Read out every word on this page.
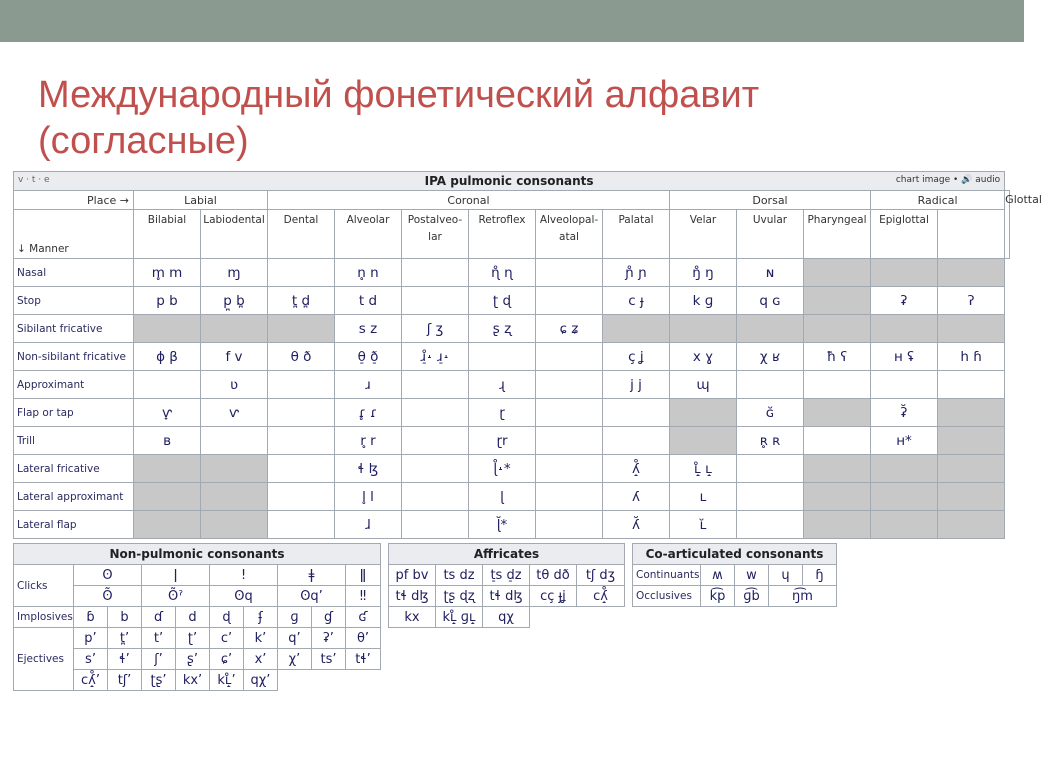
Международный фонетический алфавит
(согласные)
v · t · e IPA pulmonic consonants chart image • 🔊 audio														

Place →	Labial		Coronal						Dorsal			Radical		Glottal
↓ Manner	Bilabial	Labiodental	Dental	Alveolar	Postalveo-lar	Retroflex	Alveolopal-atal	Palatal	Velar	Uvular	Pharyngeal	Epiglottal		
Nasal	m̥ m	ɱ		n̥ n		ɳ̊ ɳ		ɲ̊ ɲ	ŋ̊ ŋ	ɴ				
Stop	p b	p̪ b̪	t̪ d̪	t d		ʈ ɖ		c ɟ	k ɡ	q ɢ		ʡ	ʔ	
Sibilant fricative				s z	ʃ ʒ	ʂ ʐ	ɕ ʑ							
Non-sibilant fricative	ɸ β	f v	θ ð	θ̠ ð̠	ɹ̠̊˔ ɹ̠˔			ç ʝ	x ɣ	χ ʁ	ħ ʕ	ʜ ʢ	h ɦ	
Approximant		ʋ		ɹ		ɻ		j j	ɰ					
Flap or tap	ⱱ̟	ⱱ		ɾ̥ ɾ		ɽ				ɢ̆		ʡ̆		
Trill	ʙ			r̥ r		ɽr				ʀ̥ ʀ		ʜ*		
Lateral fricative				ɬ ɮ		ɭ̊˔*		ʎ̝̊	ʟ̝̊ ʟ̝					
Lateral approximant				l̥ l		ɭ		ʎ	ʟ					
Lateral flap				ɺ		ɭ̆*		ʎ̆	ʟ̆					
Non-pulmonic consonants									
Clicks	ʘ		ǀ		ǃ		ǂ		ǁ
	ʘ̃		ʘ̃ˀ		ʘq		ʘq’		‼
Implosives	ɓ	b	ɗ	d	ɖ	ʄ	ɡ	ɠ	ʛ
Ejectives	p’	t̪’	t’	ʈ’	c’	k’	q’	ʡ’	θ’
	s’	ɬ’	ʃ’	ʂ’	ɕ’	x’	χ’	ts’	tɬ’
	cʎ̝̊’	tʃ’	ʈʂ’	kx’	kʟ̝̊’	qχ’			
Affricates				
pf bv	ts dz	t̠s d̠z	tθ dð	tʃ dʒ
tɬ dɮ	ʈʂ ɖʐ	tɬ dɮ	cç ɟʝ	cʎ̝̊
kx	kʟ̝̊ ɡʟ̝	qχ		
Co-articulated consonants				
Continuants	ʍ	w	ɥ	ɧ
Occlusives	k͡p	ɡ͡b	ŋ͡m	
